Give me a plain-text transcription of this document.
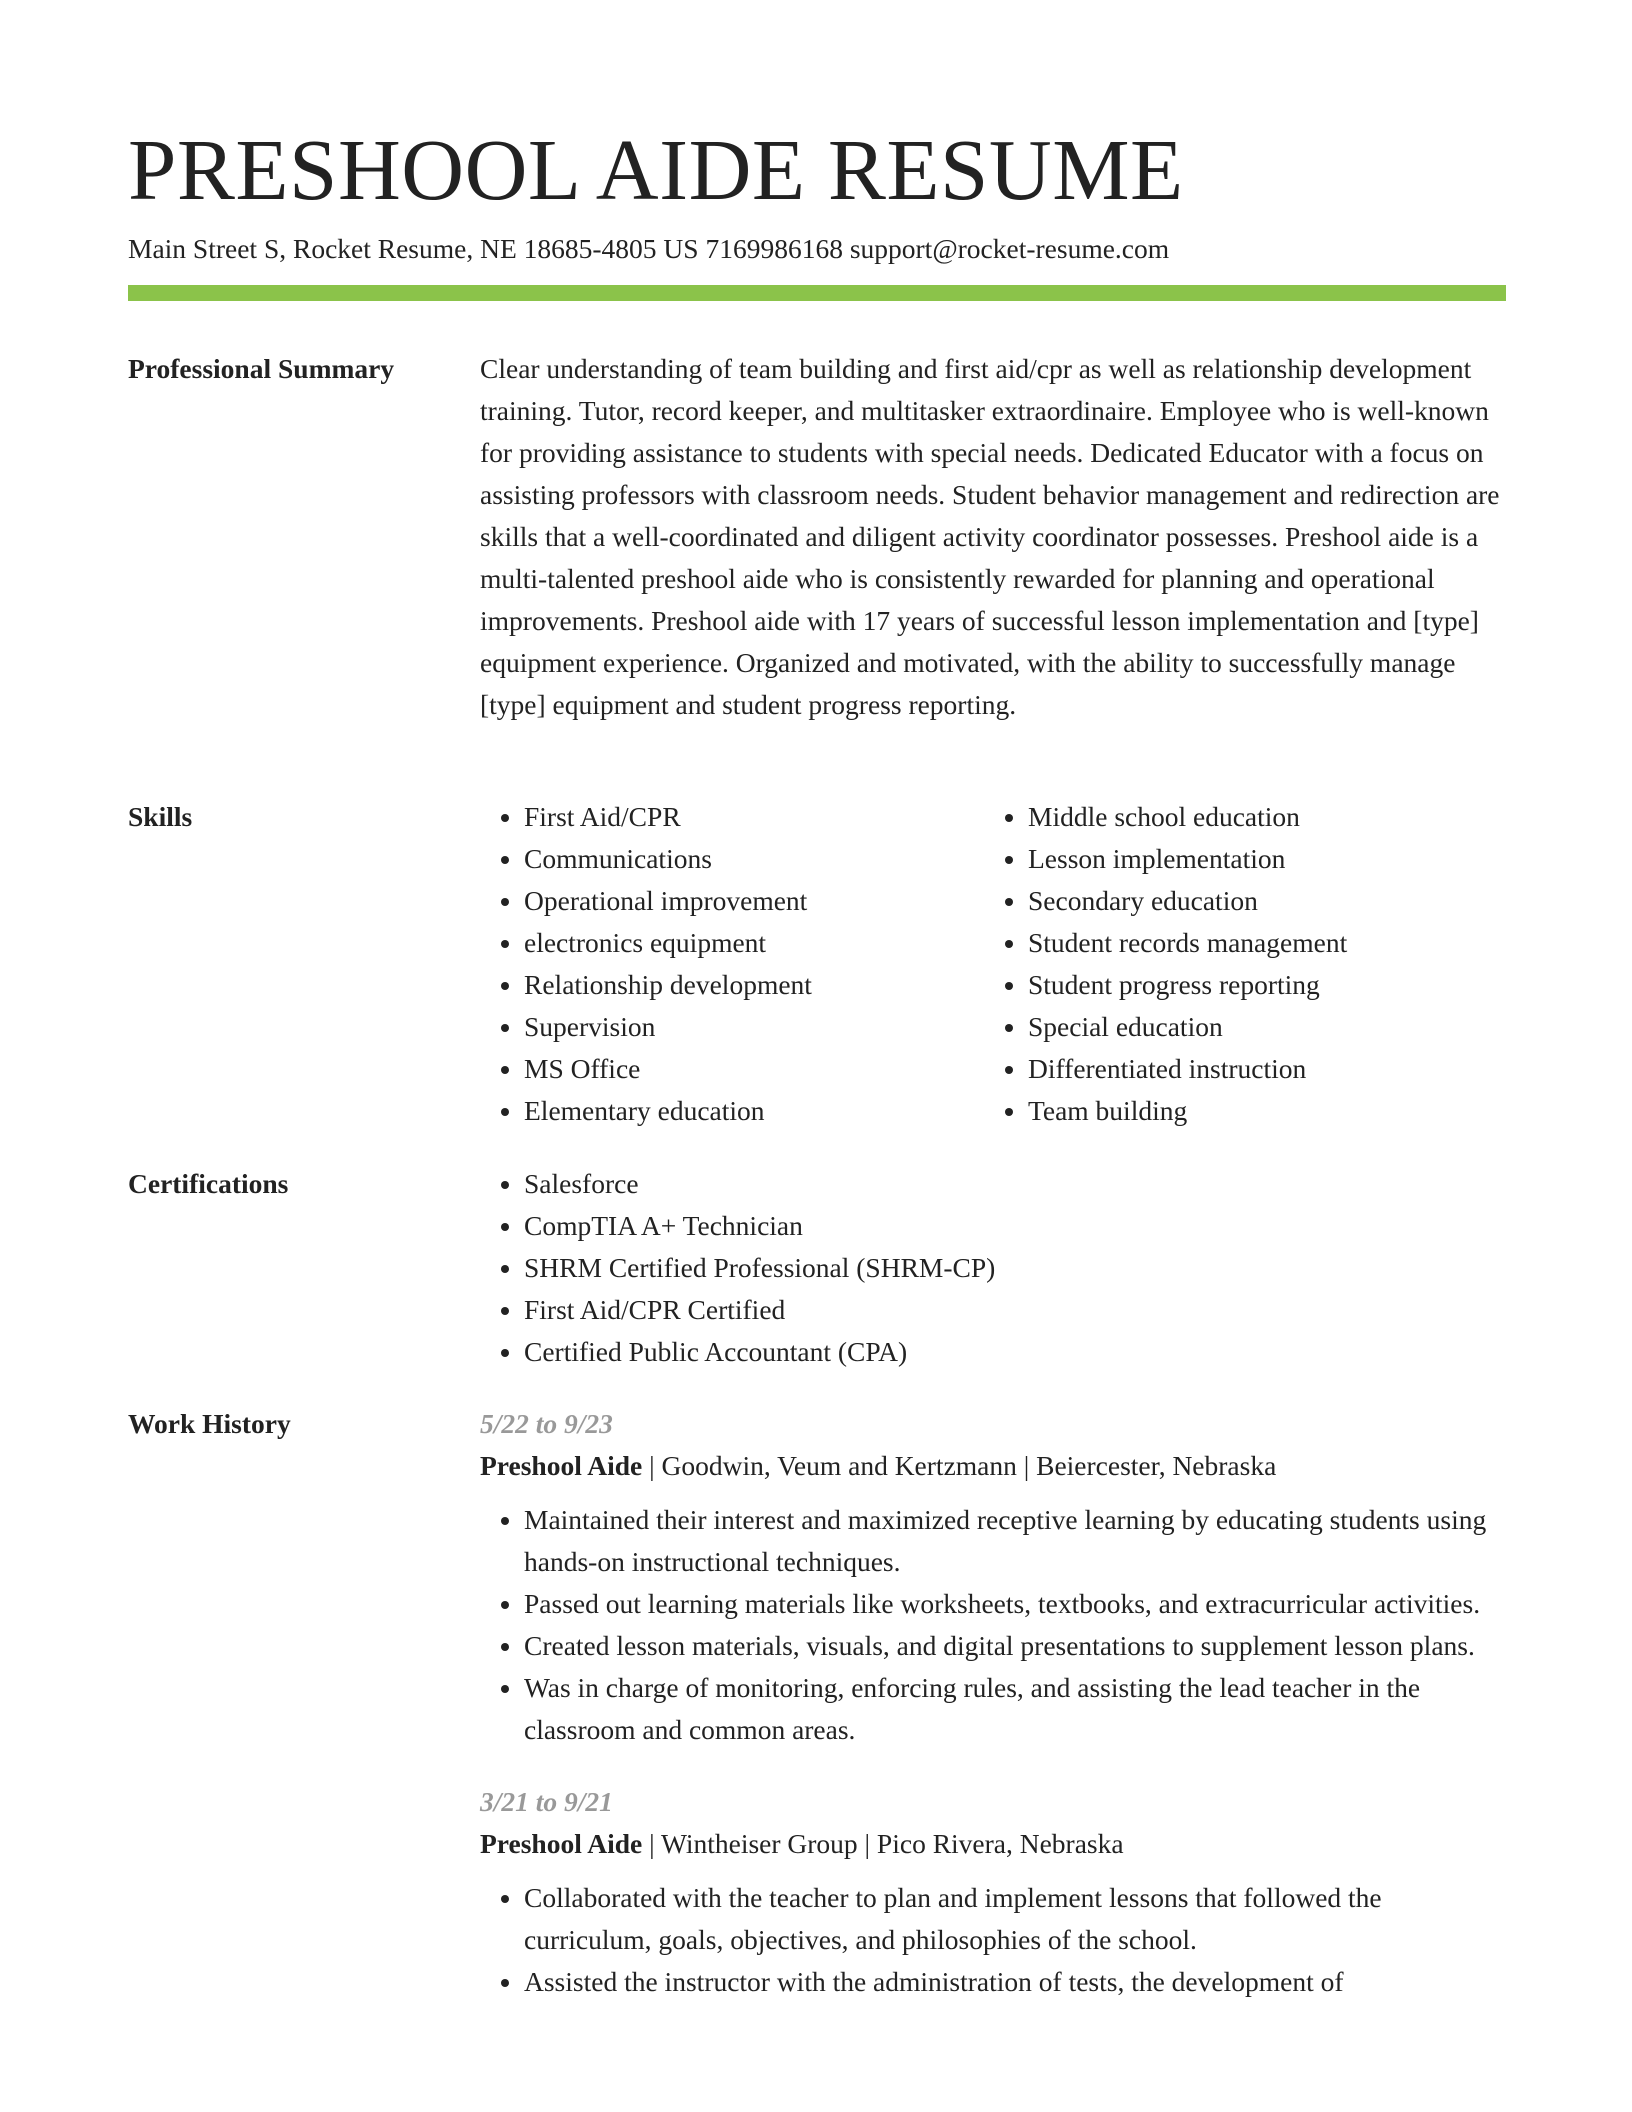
PRESHOOL AIDE RESUME
Main Street S, Rocket Resume, NE 18685-4805 US 7169986168 support@rocket-resume.com
Professional Summary	Clear understanding of team building and first aid/cpr as well as relationship development training. Tutor, record keeper, and multitasker extraordinaire. Employee who is well-known for providing assistance to students with special needs. Dedicated Educator with a focus on assisting professors with classroom needs. Student behavior management and redirection are skills that a well-coordinated and diligent activity coordinator possesses. Preshool aide is a multi-talented preshool aide who is consistently rewarded for planning and operational improvements. Preshool aide with 17 years of successful lesson implementation and [type] equipment experience. Organized and motivated, with the ability to successfully manage [type] equipment and student progress reporting.

Skills	• First Aid/CPR
• Communications
• Operational improvement
• electronics equipment
• Relationship development
• Supervision
• MS Office
• Elementary education
• Middle school education
• Lesson implementation
• Secondary education
• Student records management
• Student progress reporting
• Special education
• Differentiated instruction
• Team building
Certifications	• Salesforce
• CompTIA A+ Technician
• SHRM Certified Professional (SHRM-CP)
• First Aid/CPR Certified
• Certified Public Accountant (CPA)
Work History	5/22 to 9/23

Preshool Aide | Goodwin, Veum and Kertzmann | Beiercester, Nebraska

• Maintained their interest and maximized receptive learning by educating students using hands-on instructional techniques.
• Passed out learning materials like worksheets, textbooks, and extracurricular activities.
• Created lesson materials, visuals, and digital presentations to supplement lesson plans.
• Was in charge of monitoring, enforcing rules, and assisting the lead teacher in the classroom and common areas.

3/21 to 9/21

Preshool Aide | Wintheiser Group | Pico Rivera, Nebraska

• Collaborated with the teacher to plan and implement lessons that followed the curriculum, goals, objectives, and philosophies of the school.
• Assisted the instructor with the administration of tests, the development of
